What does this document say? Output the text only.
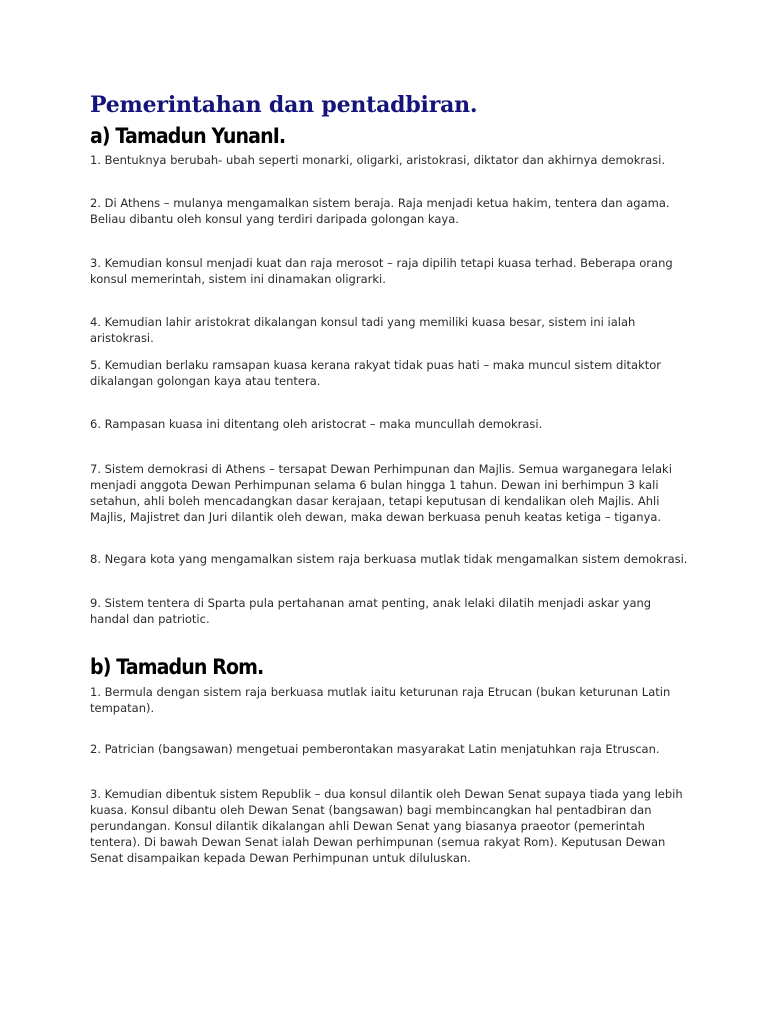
Pemerintahan dan pentadbiran.
a) Tamadun YunanI.

1. Bentuknya berubah- ubah seperti monarki, oligarki, aristokrasi, diktator dan akhirnya demokrasi.

2. Di Athens – mulanya mengamalkan sistem beraja. Raja menjadi ketua hakim, tentera dan agama. Beliau dibantu oleh konsul yang terdiri daripada golongan kaya.

3. Kemudian konsul menjadi kuat dan raja merosot – raja dipilih tetapi kuasa terhad. Beberapa orang konsul memerintah, sistem ini dinamakan oligrarki.

4. Kemudian lahir aristokrat dikalangan konsul tadi yang memiliki kuasa besar, sistem ini ialah aristokrasi.

5. Kemudian berlaku ramsapan kuasa kerana rakyat tidak puas hati – maka muncul sistem ditaktor dikalangan golongan kaya atau tentera.

6. Rampasan kuasa ini ditentang oleh aristocrat – maka muncullah demokrasi.

7. Sistem demokrasi di Athens – tersapat Dewan Perhimpunan dan Majlis. Semua warganegara lelaki menjadi anggota Dewan Perhimpunan selama 6 bulan hingga 1 tahun. Dewan ini berhimpun 3 kali setahun, ahli boleh mencadangkan dasar kerajaan, tetapi keputusan di kendalikan oleh Majlis. Ahli Majlis, Majistret dan Juri dilantik oleh dewan, maka dewan berkuasa penuh keatas ketiga – tiganya.

8. Negara kota yang mengamalkan sistem raja berkuasa mutlak tidak mengamalkan sistem demokrasi.

9. Sistem tentera di Sparta pula pertahanan amat penting, anak lelaki dilatih menjadi askar yang handal dan patriotic.

b) Tamadun Rom.

1. Bermula dengan sistem raja berkuasa mutlak iaitu keturunan raja Etrucan (bukan keturunan Latin tempatan).

2. Patrician (bangsawan) mengetuai pemberontakan masyarakat Latin menjatuhkan raja Etruscan.

3. Kemudian dibentuk sistem Republik – dua konsul dilantik oleh Dewan Senat supaya tiada yang lebih kuasa. Konsul dibantu oleh Dewan Senat (bangsawan) bagi membincangkan hal pentadbiran dan perundangan. Konsul dilantik dikalangan ahli Dewan Senat yang biasanya praeotor (pemerintah tentera). Di bawah Dewan Senat ialah Dewan perhimpunan (semua rakyat Rom). Keputusan Dewan Senat disampaikan kepada Dewan Perhimpunan untuk diluluskan.
